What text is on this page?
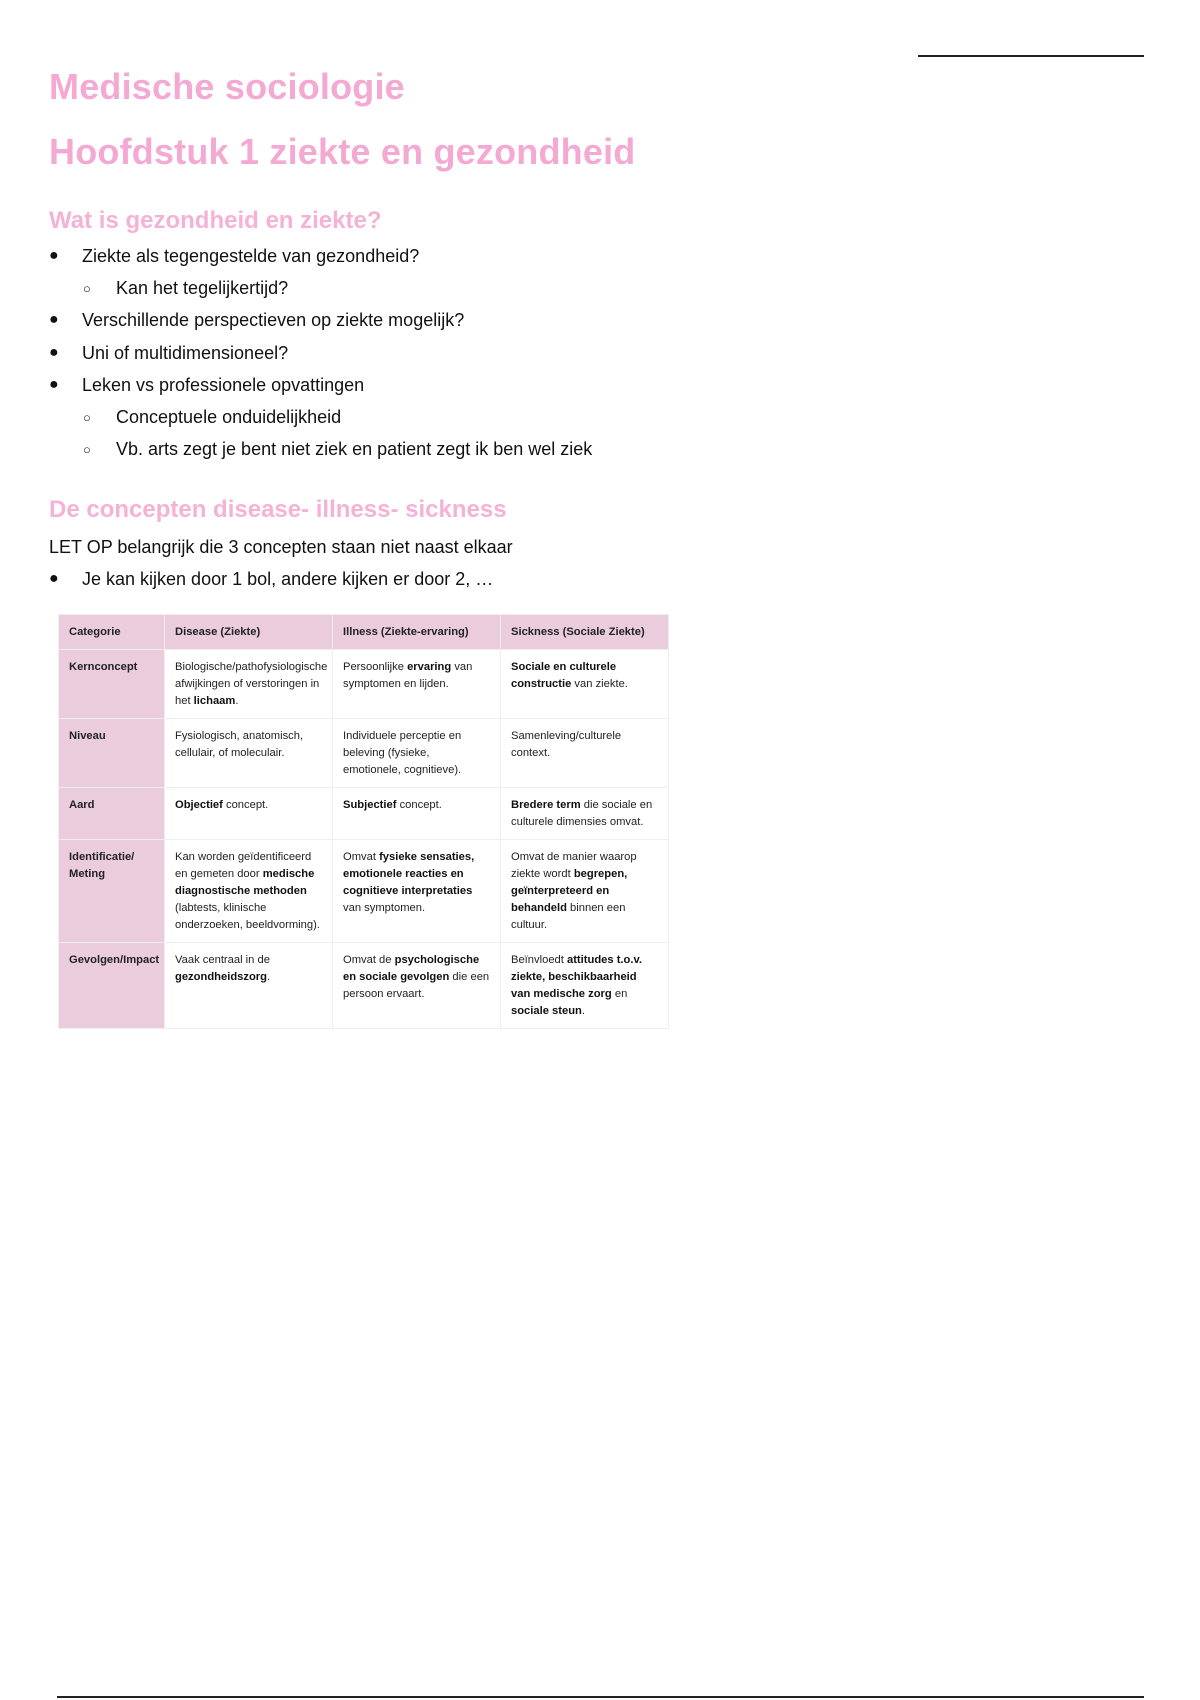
Medische sociologie
Hoofdstuk 1 ziekte en gezondheid
Wat is gezondheid en ziekte?
● Ziekte als tegengestelde van gezondheid?
○ Kan het tegelijkertijd?
● Verschillende perspectieven op ziekte mogelijk?
● Uni of multidimensioneel?
● Leken vs professionele opvattingen
○ Conceptuele onduidelijkheid
○ Vb. arts zegt je bent niet ziek en patient zegt ik ben wel ziek
De concepten disease- illness- sickness
LET OP belangrijk die 3 concepten staan niet naast elkaar
● Je kan kijken door 1 bol, andere kijken er door 2, …
Categorie	Disease (Ziekte)	Illness (Ziekte-ervaring)	Sickness (Sociale Ziekte)
Kernconcept	Biologische/pathofysiologische afwijkingen of verstoringen in het lichaam.	Persoonlijke ervaring van symptomen en lijden.	Sociale en culturele constructie van ziekte.
Niveau	Fysiologisch, anatomisch, cellulair, of moleculair.	Individuele perceptie en beleving (fysieke, emotionele, cognitieve).	Samenleving/culturele context.
Aard	Objectief concept.	Subjectief concept.	Bredere term die sociale en culturele dimensies omvat.
Identificatie/ Meting	Kan worden geïdentificeerd en gemeten door medische diagnostische methoden (labtests, klinische onderzoeken, beeldvorming).	Omvat fysieke sensaties, emotionele reacties en cognitieve interpretaties van symptomen.	Omvat de manier waarop ziekte wordt begrepen, geïnterpreteerd en behandeld binnen een cultuur.
Gevolgen/Impact	Vaak centraal in de gezondheidszorg.	Omvat de psychologische en sociale gevolgen die een persoon ervaart.	Beïnvloedt attitudes t.o.v. ziekte, beschikbaarheid van medische zorg en sociale steun.
